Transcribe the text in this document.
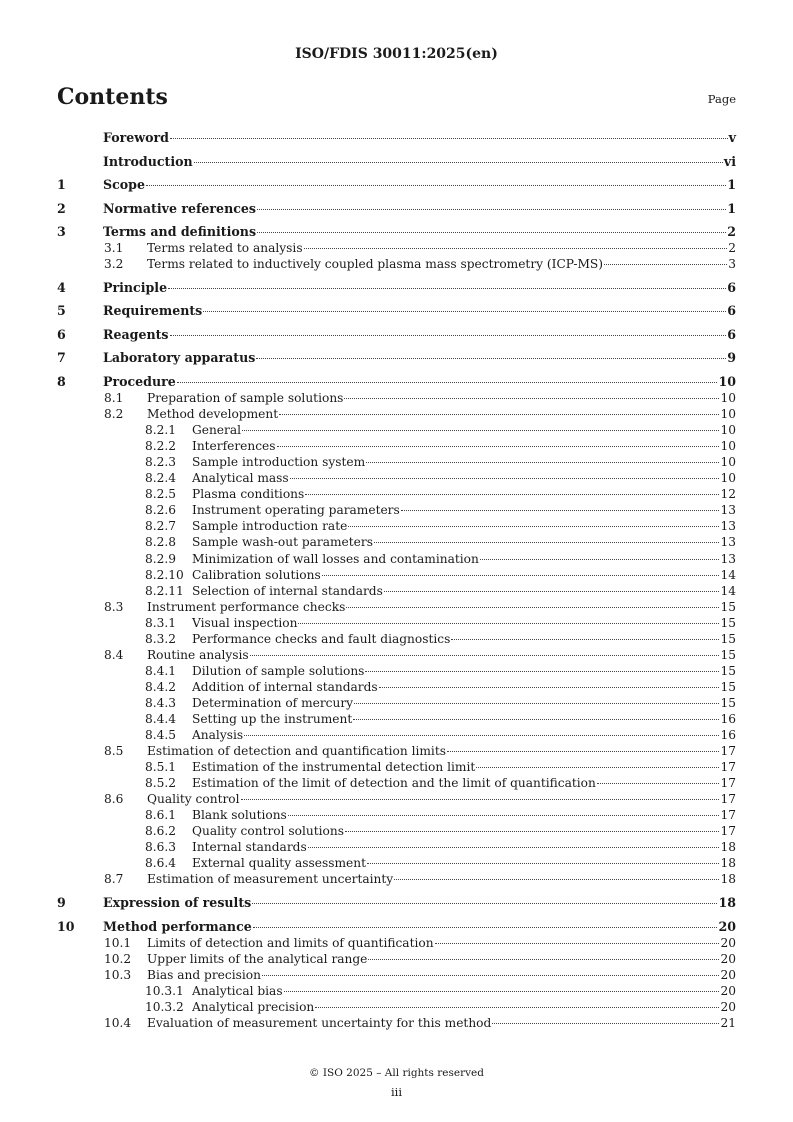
ISO/FDIS 30011:2025(en)
Contents	Page
Foreword	v
Introduction	vi
1	Scope	1
2	Normative references	1
3	Terms and definitions	2
3.1 Terms related to analysis	2
3.2 Terms related to inductively coupled plasma mass spectrometry (ICP-MS)	3
4	Principle	6
5	Requirements	6
6	Reagents	6
7	Laboratory apparatus	9
8	Procedure	10
8.1 Preparation of sample solutions	10
8.2 Method development	10
8.2.1 General	10
8.2.2 Interferences	10
8.2.3 Sample introduction system	10
8.2.4 Analytical mass	10
8.2.5 Plasma conditions	12
8.2.6 Instrument operating parameters	13
8.2.7 Sample introduction rate	13
8.2.8 Sample wash-out parameters	13
8.2.9 Minimization of wall losses and contamination	13
8.2.10 Calibration solutions	14
8.2.11 Selection of internal standards	14
8.3 Instrument performance checks	15
8.3.1 Visual inspection	15
8.3.2 Performance checks and fault diagnostics	15
8.4 Routine analysis	15
8.4.1 Dilution of sample solutions	15
8.4.2 Addition of internal standards	15
8.4.3 Determination of mercury	15
8.4.4 Setting up the instrument	16
8.4.5 Analysis	16
8.5 Estimation of detection and quantification limits	17
8.5.1 Estimation of the instrumental detection limit	17
8.5.2 Estimation of the limit of detection and the limit of quantification	17
8.6 Quality control	17
8.6.1 Blank solutions	17
8.6.2 Quality control solutions	17
8.6.3 Internal standards	18
8.6.4 External quality assessment	18
8.7 Estimation of measurement uncertainty	18
9	Expression of results	18
10 Method performance	20
10.1 Limits of detection and limits of quantification	20
10.2 Upper limits of the analytical range	20
10.3 Bias and precision	20
10.3.1 Analytical bias	20
10.3.2 Analytical precision	20
10.4 Evaluation of measurement uncertainty for this method	21
© ISO 2025 – All rights reserved
iii
